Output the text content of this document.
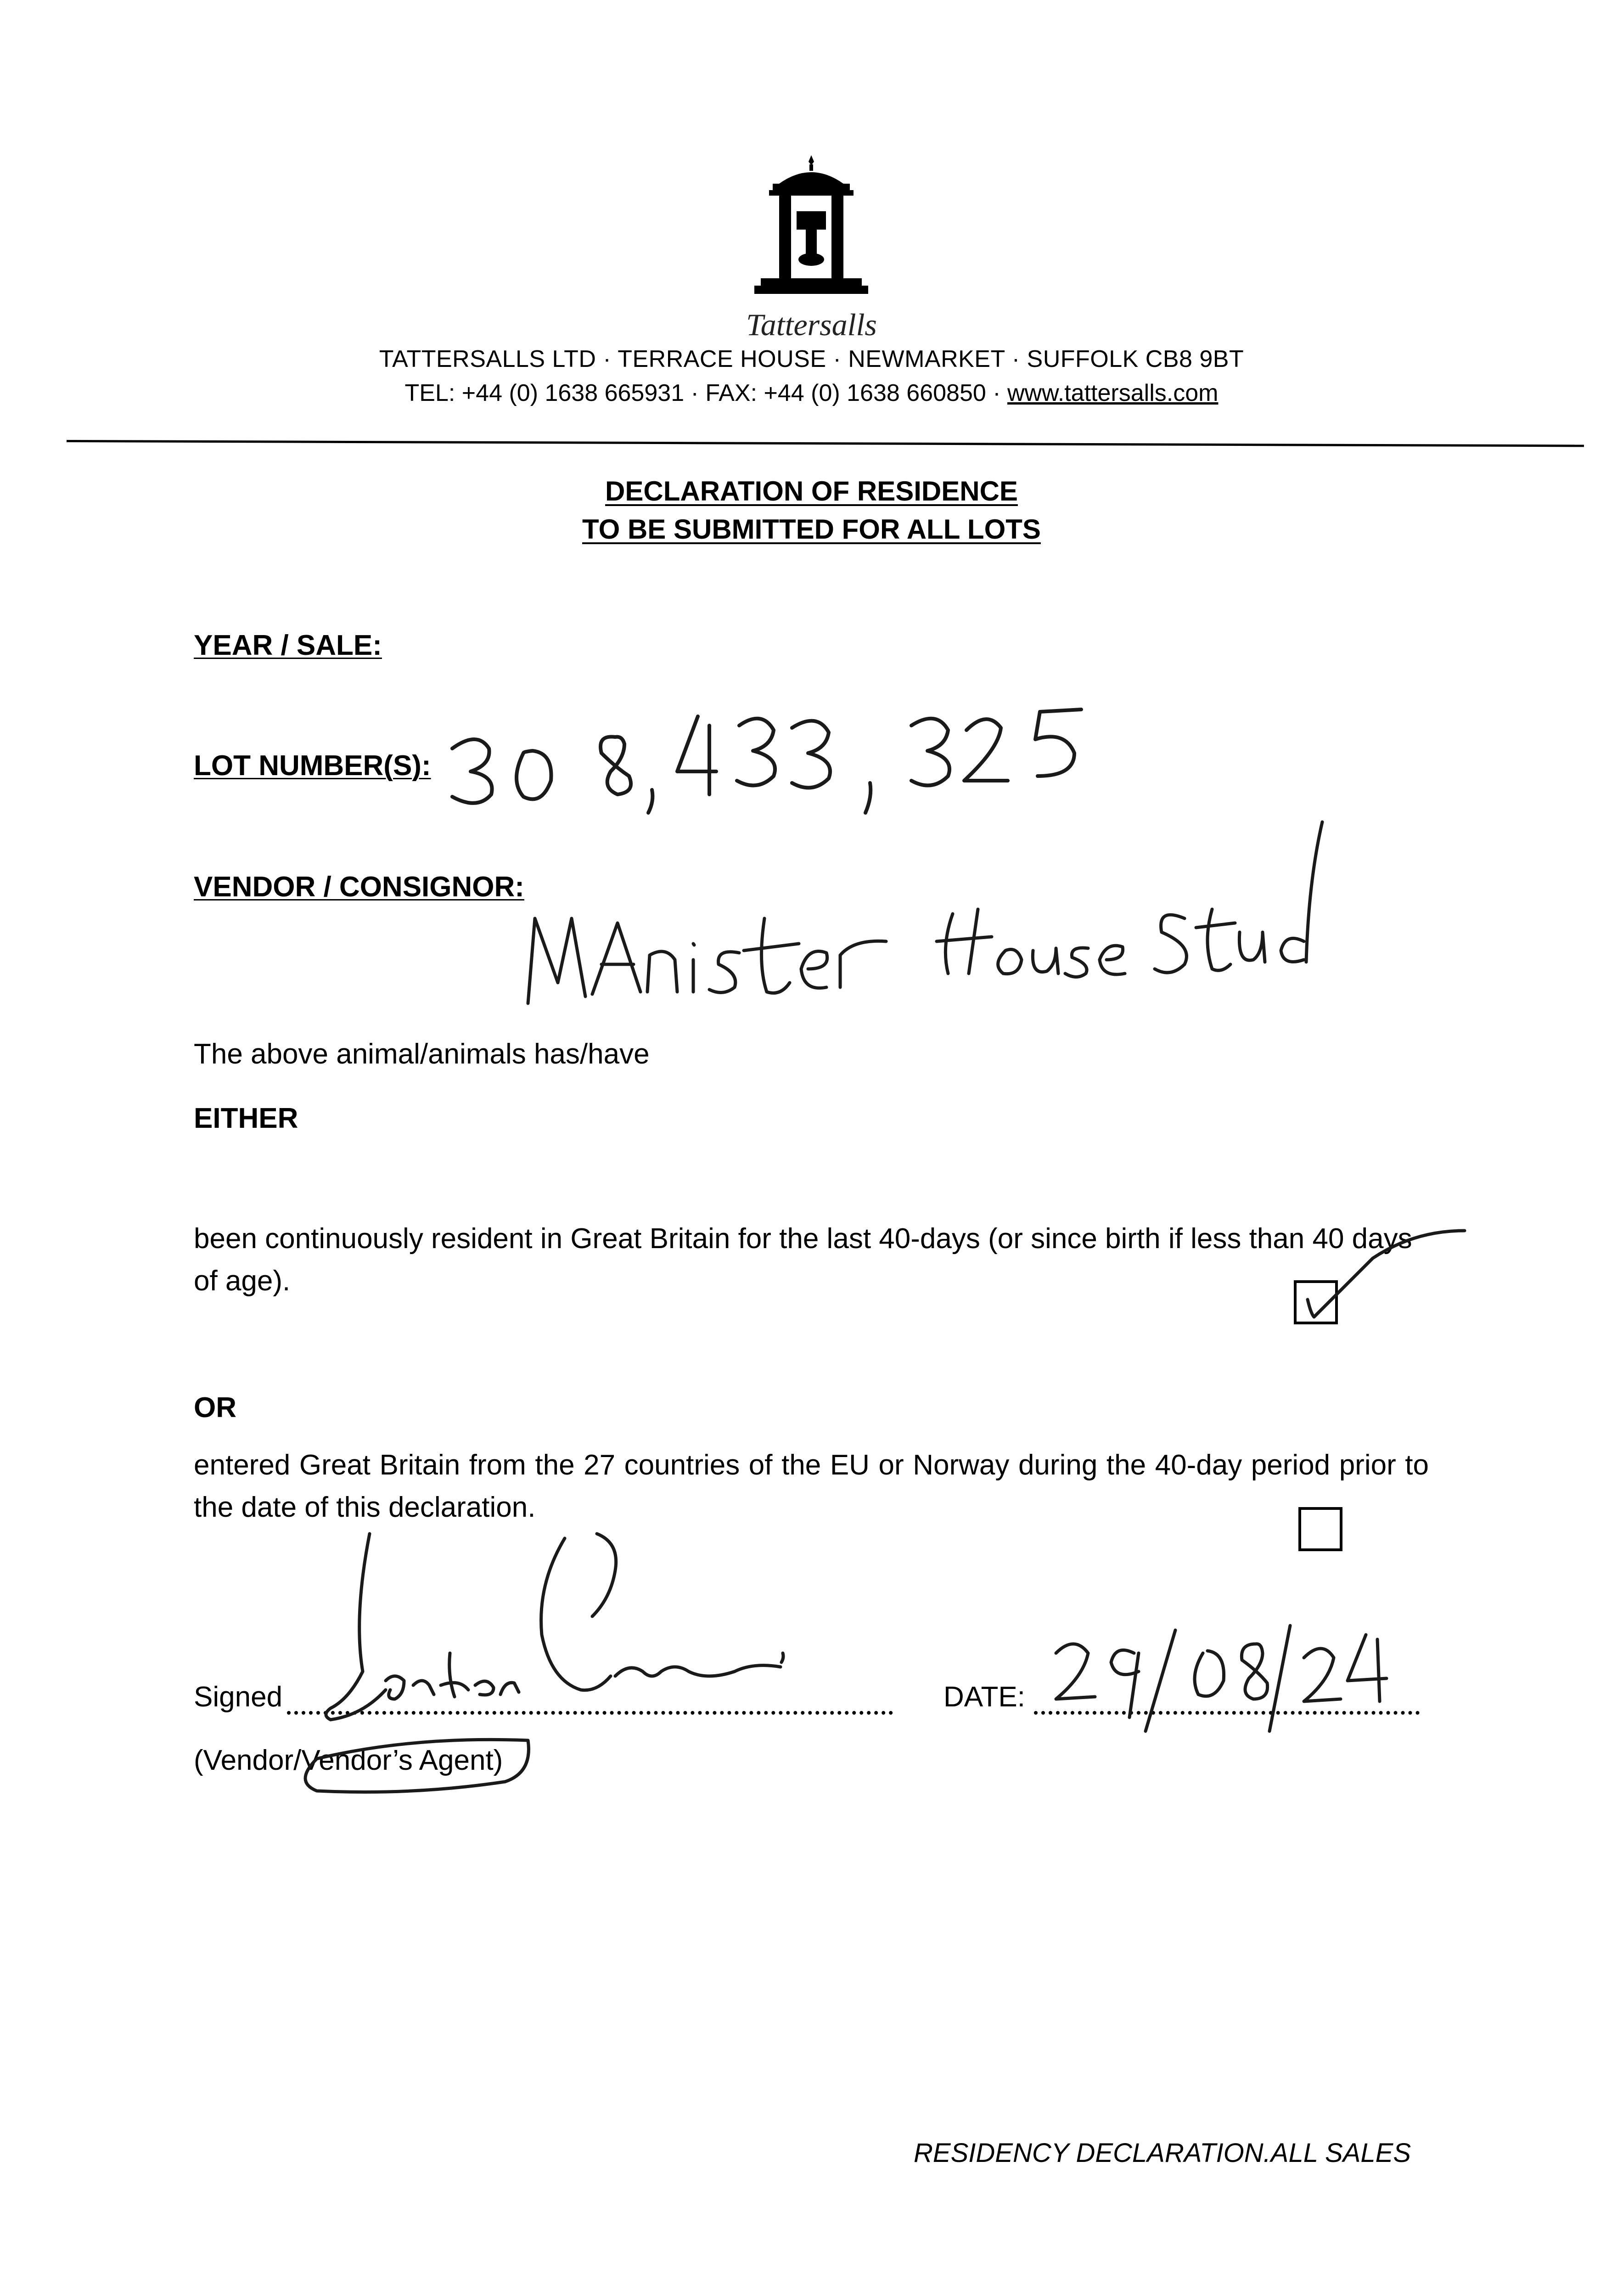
Tattersalls
TATTERSALLS LTD · TERRACE HOUSE · NEWMARKET · SUFFOLK CB8 9BT
TEL: +44 (0) 1638 665931 · FAX: +44 (0) 1638 660850 · www.tattersalls.com
DECLARATION OF RESIDENCE
TO BE SUBMITTED FOR ALL LOTS
YEAR / SALE:
LOT NUMBER(S):
VENDOR / CONSIGNOR:
The above animal/animals has/have
EITHER
been continuously resident in Great Britain for the last 40-days (or since birth if less than 40 days of age).
OR
entered Great Britain from the 27 countries of the EU or Norway during the 40-day period prior to the date of this declaration.
Signed	DATE:
(Vendor/Vendor’s Agent)
RESIDENCY DECLARATION.ALL SALES
